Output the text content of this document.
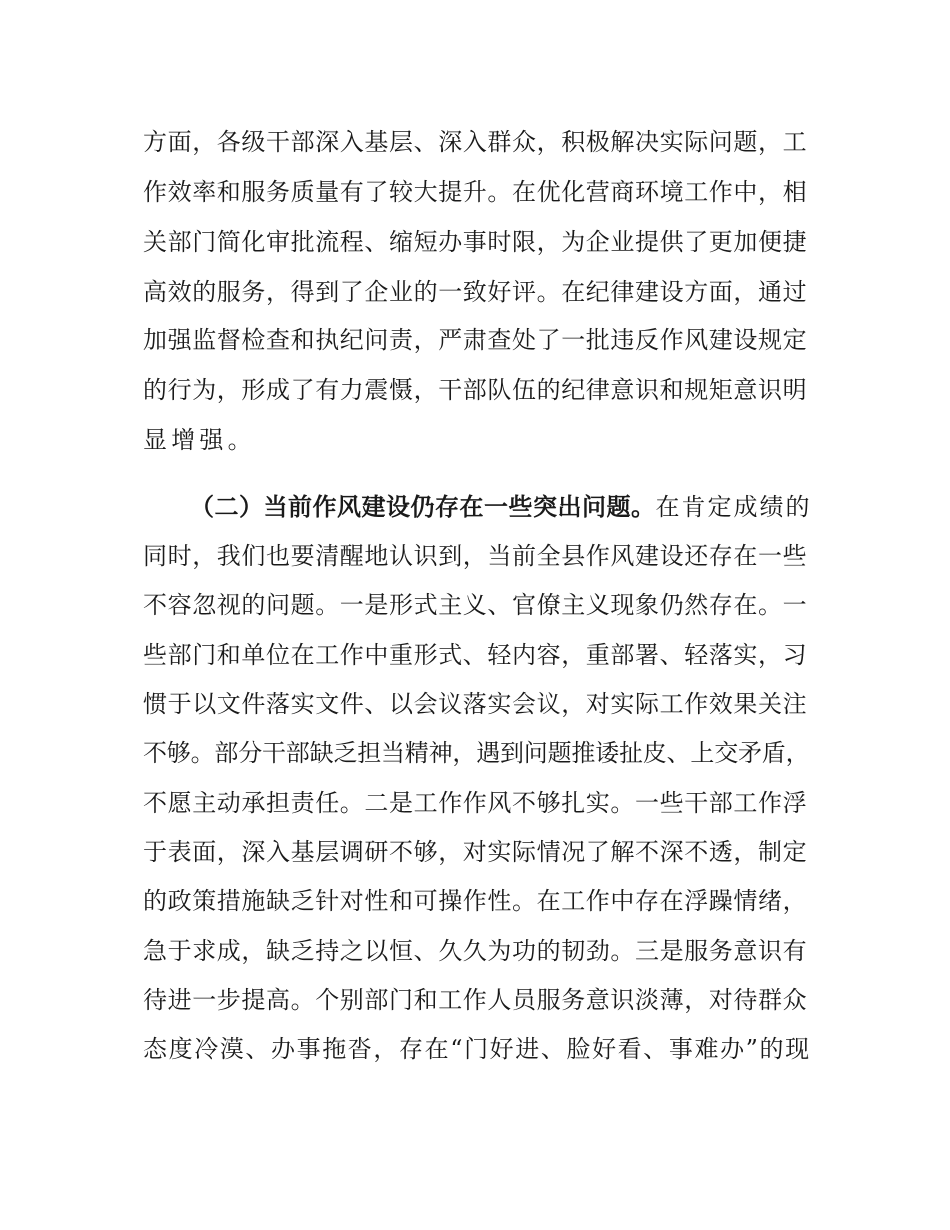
方面，各级干部深入基层、深入群众，积极解决实际问题，工
作效率和服务质量有了较大提升。在优化营商环境工作中，相
关部门简化审批流程、缩短办事时限，为企业提供了更加便捷
高效的服务，得到了企业的一致好评。在纪律建设方面，通过
加强监督检查和执纪问责，严肃查处了一批违反作风建设规定
的行为，形成了有力震慑，干部队伍的纪律意识和规矩意识明
显增强。
（二）当前作风建设仍存在一些突出问题。在肯定成绩的
同时，我们也要清醒地认识到，当前全县作风建设还存在一些
不容忽视的问题。一是形式主义、官僚主义现象仍然存在。一
些部门和单位在工作中重形式、轻内容，重部署、轻落实，习
惯于以文件落实文件、以会议落实会议，对实际工作效果关注
不够。部分干部缺乏担当精神，遇到问题推诿扯皮、上交矛盾，
不愿主动承担责任。二是工作作风不够扎实。一些干部工作浮
于表面，深入基层调研不够，对实际情况了解不深不透，制定
的政策措施缺乏针对性和可操作性。在工作中存在浮躁情绪，
急于求成，缺乏持之以恒、久久为功的韧劲。三是服务意识有
待进一步提高。个别部门和工作人员服务意识淡薄，对待群众
态度冷漠、办事拖沓，存在“门好进、脸好看、事难办”的现
